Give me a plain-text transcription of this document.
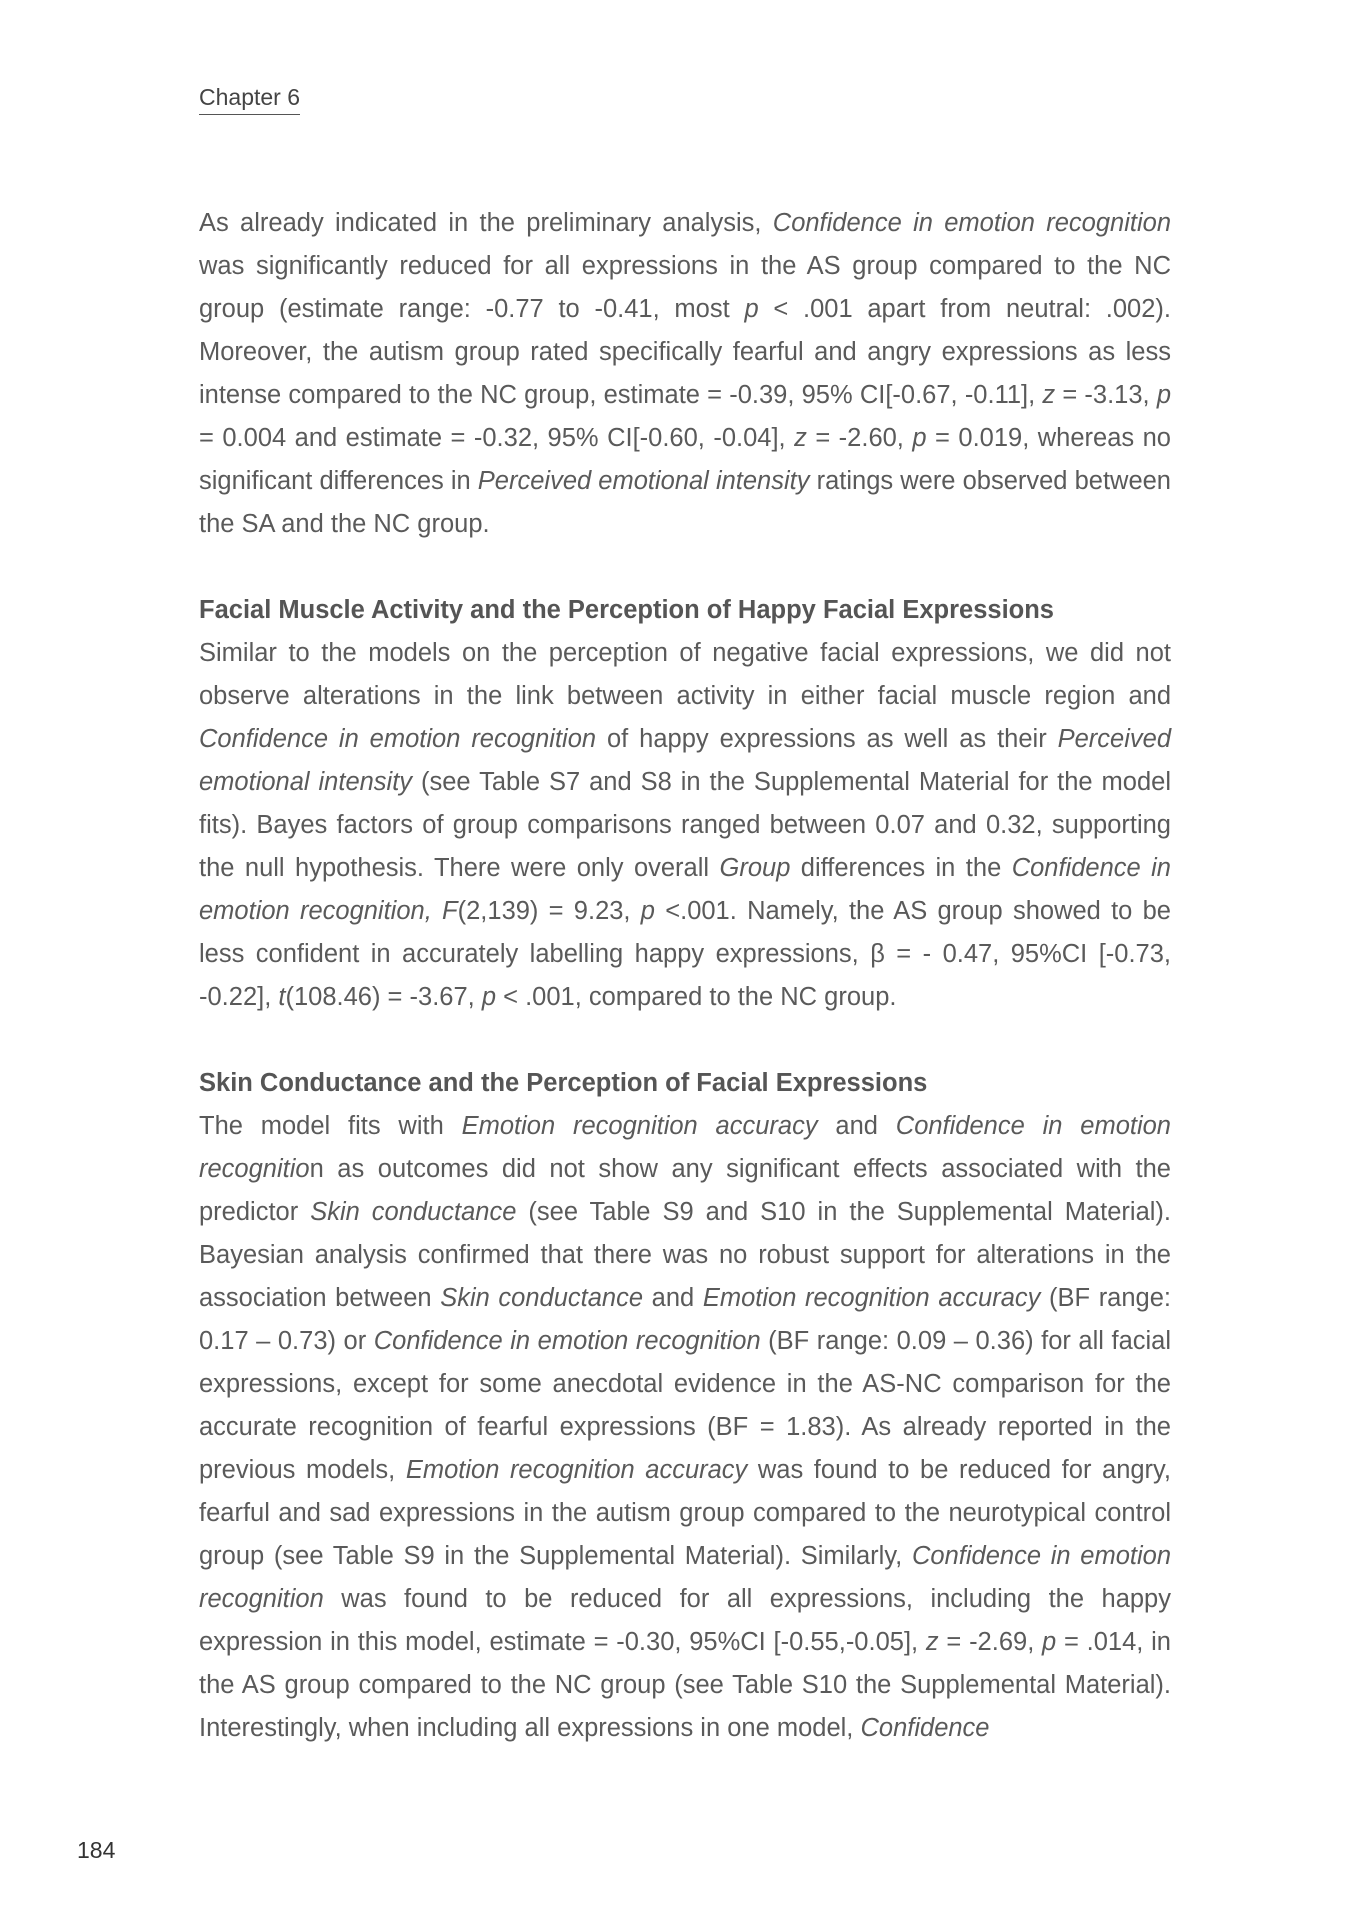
Chapter 6

As already indicated in the preliminary analysis, Confidence in emotion recognition was significantly reduced for all expressions in the AS group compared to the NC group (estimate range: -0.77 to -0.41, most p < .001 apart from neutral: .002). Moreover, the autism group rated specifically fearful and angry expressions as less intense compared to the NC group, estimate = -0.39, 95% CI[-0.67, -0.11], z = -3.13, p = 0.004 and estimate = -0.32, 95% CI[-0.60, -0.04], z = -2.60, p = 0.019, whereas no significant differences in Perceived emotional intensity ratings were observed between the SA and the NC group.

Facial Muscle Activity and the Perception of Happy Facial Expressions

Similar to the models on the perception of negative facial expressions, we did not observe alterations in the link between activity in either facial muscle region and Confidence in emotion recognition of happy expressions as well as their Perceived emotional intensity (see Table S7 and S8 in the Supplemental Material for the model fits). Bayes factors of group comparisons ranged between 0.07 and 0.32, supporting the null hypothesis. There were only overall Group differences in the Confidence in emotion recognition, F(2,139) = 9.23, p <.001. Namely, the AS group showed to be less confident in accurately labelling happy expressions, β = - 0.47, 95%CI [-0.73, -0.22], t(108.46) = -3.67, p < .001, compared to the NC group.

Skin Conductance and the Perception of Facial Expressions

The model fits with Emotion recognition accuracy and Confidence in emotion recognition as outcomes did not show any significant effects associated with the predictor Skin conductance (see Table S9 and S10 in the Supplemental Material). Bayesian analysis confirmed that there was no robust support for alterations in the association between Skin conductance and Emotion recognition accuracy (BF range: 0.17 – 0.73) or Confidence in emotion recognition (BF range: 0.09 – 0.36) for all facial expressions, except for some anecdotal evidence in the AS-NC comparison for the accurate recognition of fearful expressions (BF = 1.83). As already reported in the previous models, Emotion recognition accuracy was found to be reduced for angry, fearful and sad expressions in the autism group compared to the neurotypical control group (see Table S9 in the Supplemental Material). Similarly, Confidence in emotion recognition was found to be reduced for all expressions, including the happy expression in this model, estimate = -0.30, 95%CI [-0.55,-0.05], z = -2.69, p = .014, in the AS group compared to the NC group (see Table S10 the Supplemental Material). Interestingly, when including all expressions in one model, Confidence

184
